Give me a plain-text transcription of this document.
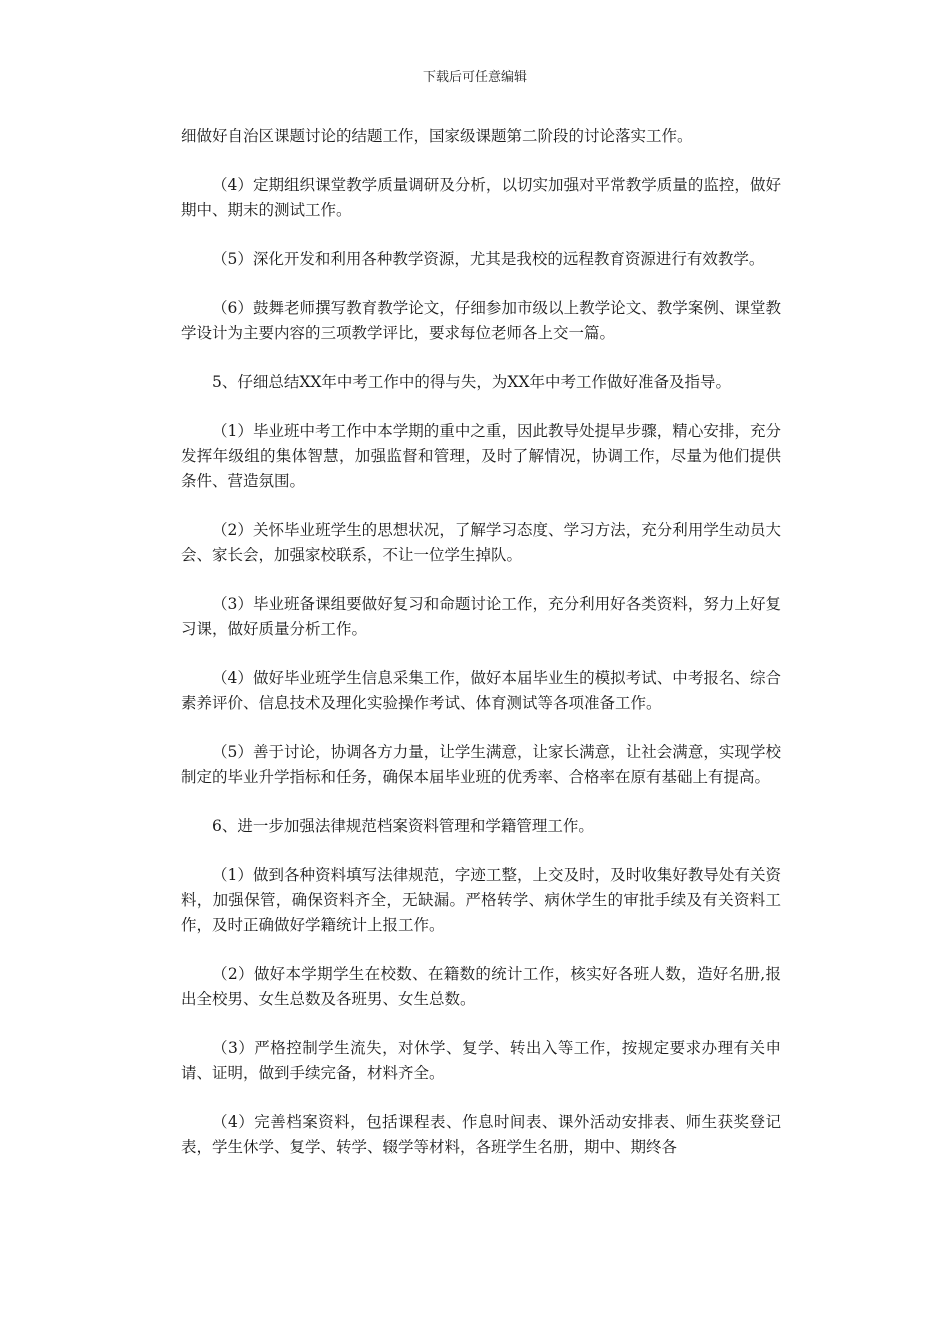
下载后可任意编辑

细做好自治区课题讨论的结题工作，国家级课题第二阶段的讨论落实工作。

（4）定期组织课堂教学质量调研及分析，以切实加强对平常教学质量的监控，做好期中、期末的测试工作。

（5）深化开发和利用各种教学资源，尤其是我校的远程教育资源进行有效教学。

（6）鼓舞老师撰写教育教学论文，仔细参加市级以上教学论文、教学案例、课堂教学设计为主要内容的三项教学评比，要求每位老师各上交一篇。

5、仔细总结XX年中考工作中的得与失，为XX年中考工作做好准备及指导。

（1）毕业班中考工作中本学期的重中之重，因此教导处提早步骤，精心安排，充分发挥年级组的集体智慧，加强监督和管理，及时了解情况，协调工作，尽量为他们提供条件、营造氛围。

（2）关怀毕业班学生的思想状况，了解学习态度、学习方法，充分利用学生动员大会、家长会，加强家校联系，不让一位学生掉队。

（3）毕业班备课组要做好复习和命题讨论工作，充分利用好各类资料，努力上好复习课，做好质量分析工作。

（4）做好毕业班学生信息采集工作，做好本届毕业生的模拟考试、中考报名、综合素养评价、信息技术及理化实验操作考试、体育测试等各项准备工作。

（5）善于讨论，协调各方力量，让学生满意，让家长满意，让社会满意，实现学校制定的毕业升学指标和任务，确保本届毕业班的优秀率、合格率在原有基础上有提高。

6、进一步加强法律规范档案资料管理和学籍管理工作。

（1）做到各种资料填写法律规范，字迹工整，上交及时，及时收集好教导处有关资料，加强保管，确保资料齐全，无缺漏。严格转学、病休学生的审批手续及有关资料工作，及时正确做好学籍统计上报工作。

（2）做好本学期学生在校数、在籍数的统计工作，核实好各班人数，造好名册,报出全校男、女生总数及各班男、女生总数。

（3）严格控制学生流失，对休学、复学、转出入等工作，按规定要求办理有关申请、证明，做到手续完备，材料齐全。

（4）完善档案资料，包括课程表、作息时间表、课外活动安排表、师生获奖登记表，学生休学、复学、转学、辍学等材料，各班学生名册，期中、期终各
